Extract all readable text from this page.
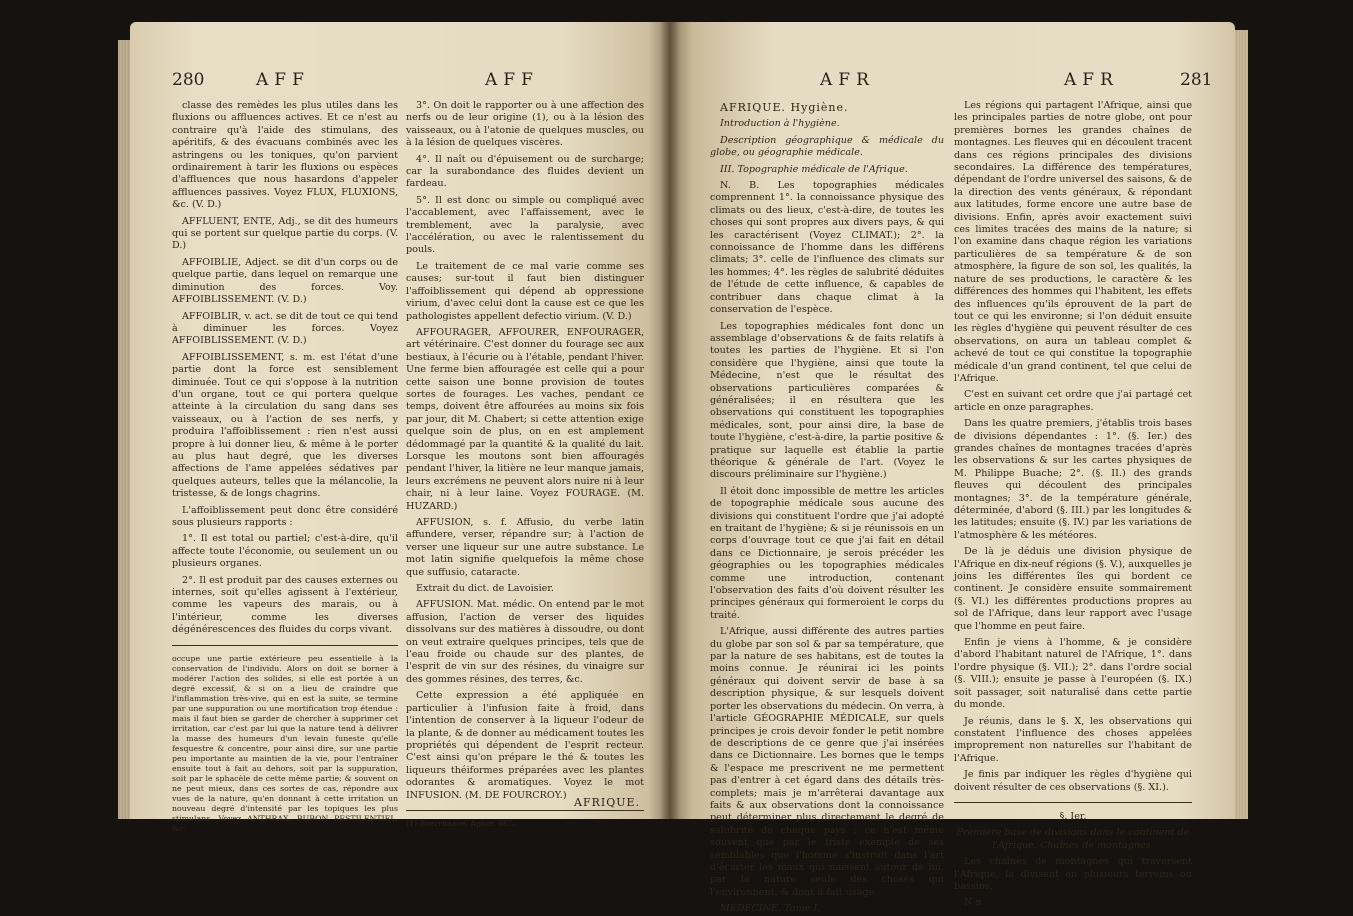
280	AFF	AFF

classe des remèdes les plus utiles dans les fluxions ou affluences actives. Et ce n'est au contraire qu'à l'aide des stimulans, des apéritifs, & des évacuans combinés avec les astringens ou les toniques, qu'on parvient ordinairement à tarir les fluxions ou espèces d'affluences que nous hasardons d'appeler affluences passives. Voyez FLUX, FLUXIONS, &c. (V. D.)

AFFLUENT, ENTE, Adj., se dit des humeurs qui se portent sur quelque partie du corps. (V. D.)

AFFOIBLIE, Adject. se dit d'un corps ou de quelque partie, dans lequel on remarque une diminution des forces. Voy. AFFOIBLISSEMENT. (V. D.)

AFFOIBLIR, v. act. se dit de tout ce qui tend à diminuer les forces. Voyez AFFOIBLISSEMENT. (V. D.)

AFFOIBLISSEMENT, s. m. est l'état d'une partie dont la force est sensiblement diminuée. Tout ce qui s'oppose à la nutrition d'un organe, tout ce qui portera quelque atteinte à la circulation du sang dans ses vaisseaux, ou à l'action de ses nerfs, y produira l'affoiblissement : rien n'est aussi propre à lui donner lieu, & même à le porter au plus haut degré, que les diverses affections de l'ame appelées sédatives par quelques auteurs, telles que la mélancolie, la tristesse, & de longs chagrins.

L'affoiblissement peut donc être considéré sous plusieurs rapports :

1°. Il est total ou partiel; c'est-à-dire, qu'il affecte toute l'économie, ou seulement un ou plusieurs organes.

2°. Il est produit par des causes externes ou internes, soit qu'elles agissent à l'extérieur, comme les vapeurs des marais, ou à l'intérieur, comme les diverses dégénérescences des fluides du corps vivant.

occupe une partie extérieure peu essentielle à la conservation de l'individu. Alors on doit se borner à modérer l'action des solides, si elle est portée à un degré excessif, & si on a lieu de craindre que l'inflammation très-vive, qui en est la suite, se termine par une suppuration ou une mortification trop étendue : mais il faut bien se garder de chercher à supprimer cet irritation, car c'est par lui que la nature tend à délivrer la masse des humeurs d'un levain funeste qu'elle fesquestre & concentre, pour ainsi dire, sur une partie peu importante au maintien de la vie, pour l'entraîner ensuite tout à fait au dehors, soit par la suppuration, soit par le sphacèle de cette même partie; & souvent on ne peut mieux, dans ces sortes de cas, répondre aux vues de la nature, qu'en donnant à cette irritation un nouveau degré d'intensité par les topiques les plus stimulans. Voyez ANTHRAX, BUBON PESTILENTIEL, &c.

3°. On doit le rapporter ou à une affection des nerfs ou de leur origine (1), ou à la lésion des vaisseaux, ou à l'atonie de quelques muscles, ou à la lésion de quelques viscères.

4°. Il naît ou d'épuisement ou de surcharge; car la surabondance des fluides devient un fardeau.

5°. Il est donc ou simple ou compliqué avec l'accablement, avec l'affaissement, avec le tremblement, avec la paralysie, avec l'accélération, ou avec le ralentissement du pouls.

Le traitement de ce mal varie comme ses causes; sur-tout il faut bien distinguer l'affoiblissement qui dépend ab oppressione virium, d'avec celui dont la cause est ce que les pathologistes appellent defectio virium. (V. D.)

AFFOURAGER, AFFOURER, ENFOURAGER, art vétérinaire. C'est donner du fourage sec aux bestiaux, à l'écurie ou à l'étable, pendant l'hiver. Une ferme bien affouragée est celle qui a pour cette saison une bonne provision de toutes sortes de fourages. Les vaches, pendant ce temps, doivent être affourées au moins six fois par jour, dit M. Chabert; si cette attention exige quelque soin de plus, on en est amplement dédommagé par la quantité & la qualité du lait. Lorsque les moutons sont bien affouragés pendant l'hiver, la litière ne leur manque jamais, leurs excrémens ne peuvent alors nuire ni à leur chair, ni à leur laine. Voyez FOURAGE. (M. HUZARD.)

AFFUSION, s. f. Affusio, du verbe latin affundere, verser, répandre sur; à l'action de verser une liqueur sur une autre substance. Le mot latin signifie quelquefois la même chose que suffusio, cataracte.

Extrait du dict. de Lavoisier.

AFFUSION. Mat. médic. On entend par le mot affusion, l'action de verser des liquides dissolvans sur des matières à dissoudre, ou dont on veut extraire quelques principes, tels que de l'eau froide ou chaude sur des plantes, de l'esprit de vin sur des résines, du vinaigre sur des gommes résines, des terres, &c.

Cette expression a été appliquée en particulier à l'infusion faite à froid, dans l'intention de conserver à la liqueur l'odeur de la plante, & de donner au médicament toutes les propriétés qui dépendent de l'esprit recteur. C'est ainsi qu'on prépare le thé & toutes les liqueurs théiformes préparées avec les plantes odorantes & aromatiques. Voyez le mot INFUSION. (M. DE FOURCROY.)

(1) Boerrhaave, Aphor. 665.
AFRIQUE.
AFR	AFR	281

AFRIQUE. Hygiène.

Introduction à l'hygiène.

Description géographique & médicale du globe, ou géographie médicale.

III. Topographie médicale de l'Afrique.

N. B. Les topographies médicales comprennent 1°. la connoissance physique des climats ou des lieux, c'est-à-dire, de toutes les choses qui sont propres aux divers pays, & qui les caractérisent (Voyez CLIMAT.); 2°. la connoissance de l'homme dans les différens climats; 3°. celle de l'influence des climats sur les hommes; 4°. les règles de salubrité déduites de l'étude de cette influence, & capables de contribuer dans chaque climat à la conservation de l'espèce.

Les topographies médicales font donc un assemblage d'observations & de faits relatifs à toutes les parties de l'hygiène. Et si l'on considère que l'hygiène, ainsi que toute la Médecine, n'est que le résultat des observations particulières comparées & généralisées; il en résultera que les observations qui constituent les topographies médicales, sont, pour ainsi dire, la base de toute l'hygiène, c'est-à-dire, la partie positive & pratique sur laquelle est établie la partie théorique & générale de l'art. (Voyez le discours préliminaire sur l'hygiène.)

Il étoit donc impossible de mettre les articles de topographie médicale sous aucune des divisions qui constituent l'ordre que j'ai adopté en traitant de l'hygiène; & si je réunissois en un corps d'ouvrage tout ce que j'ai fait en détail dans ce Dictionnaire, je serois précéder les géographies ou les topographies médicales comme une introduction, contenant l'observation des faits d'où doivent résulter les principes généraux qui formeroient le corps du traité.

L'Afrique, aussi différente des autres parties du globe par son sol & par sa température, que par la nature de ses habitans, est de toutes la moins connue. Je réunirai ici les points généraux qui doivent servir de base à sa description physique, & sur lesquels doivent porter les observations du médecin. On verra, à l'article GÉOGRAPHIE MÉDICALE, sur quels principes je crois devoir fonder le petit nombre de descriptions de ce genre que j'ai insérées dans ce Dictionnaire. Les bornes que le temps & l'espace me prescrivent ne me permettent pas d'entrer à cet égard dans des détails très-complets; mais je m'arrêterai davantage aux faits & aux observations dont la connoissance peut déterminer plus directement le degré de salubrité de chaque pays : ce n'est même souvent que par le triste exemple de ses semblables que l'homme s'instruit dans l'art d'écarter les maux qui naissent autour de lui, par la nature seule des choses qui l'environnent, & dont il fait usage.

MÉDECINE. Tome I.

Les régions qui partagent l'Afrique, ainsi que les principales parties de notre globe, ont pour premières bornes les grandes chaînes de montagnes. Les fleuves qui en découlent tracent dans ces régions principales des divisions secondaires. La différence des températures, dépendant de l'ordre universel des saisons, & de la direction des vents généraux, & répondant aux latitudes, forme encore une autre base de divisions. Enfin, après avoir exactement suivi ces limites tracées des mains de la nature; si l'on examine dans chaque région les variations particulières de sa température & de son atmosphère, la figure de son sol, les qualités, la nature de ses productions, le caractère & les différences des hommes qui l'habitent, les effets des influences qu'ils éprouvent de la part de tout ce qui les environne; si l'on déduit ensuite les règles d'hygiène qui peuvent résulter de ces observations, on aura un tableau complet & achevé de tout ce qui constitue la topographie médicale d'un grand continent, tel que celui de l'Afrique.

C'est en suivant cet ordre que j'ai partagé cet article en onze paragraphes.

Dans les quatre premiers, j'établis trois bases de divisions dépendantes : 1°. (§. Ier.) des grandes chaînes de montagnes tracées d'après les observations & sur les cartes physiques de M. Philippe Buache; 2°. (§. II.) des grands fleuves qui découlent des principales montagnes; 3°. de la température générale, déterminée, d'abord (§. III.) par les longitudes & les latitudes; ensuite (§. IV.) par les variations de l'atmosphère & les météores.

De là je déduis une division physique de l'Afrique en dix-neuf régions (§. V.), auxquelles je joins les différentes îles qui bordent ce continent. Je considère ensuite sommairement (§. VI.) les différentes productions propres au sol de l'Afrique, dans leur rapport avec l'usage que l'homme en peut faire.

Enfin je viens à l'homme, & je considère d'abord l'habitant naturel de l'Afrique, 1°. dans l'ordre physique (§. VII.); 2°. dans l'ordre social (§. VIII.); ensuite je passe à l'européen (§. IX.) soit passager, soit naturalisé dans cette partie du monde.

Je réunis, dans le §. X, les observations qui constatent l'influence des choses appelées improprement non naturelles sur l'habitant de l'Afrique.

Je finis par indiquer les règles d'hygiène qui doivent résulter de ces observations (§. XI.).

§. Ier.

Première base de divisions dans le continent de l'Afrique. Chaînes de montagnes.

Les chaînes de montagnes qui traversent l'Afrique, la divisent en plusieurs terreins ou bassins,

N n
